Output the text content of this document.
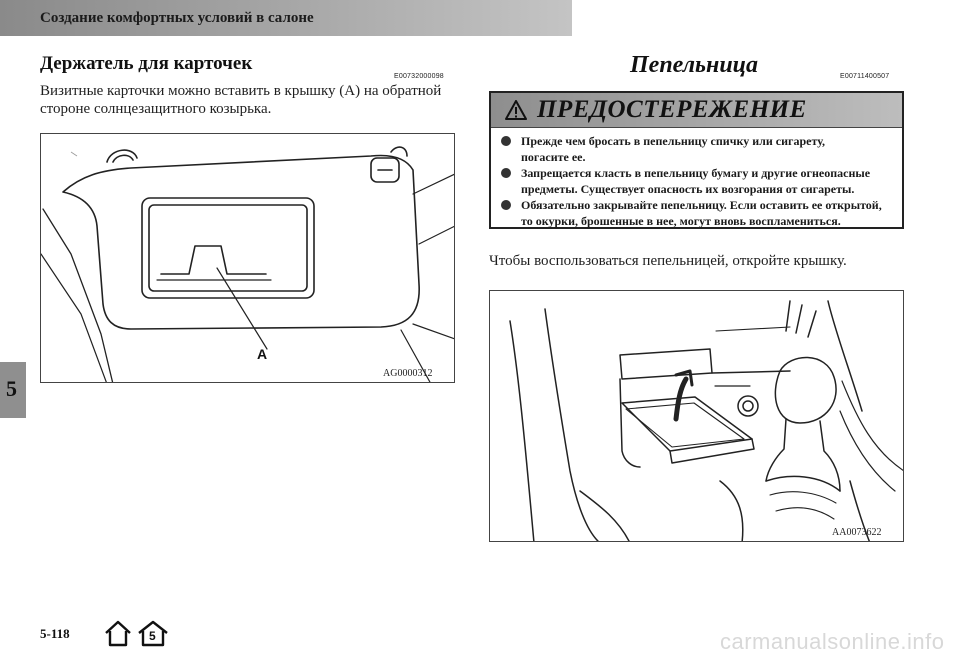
Создание комфортных условий в салоне
5
Держатель для карточек
E00732000098
Визитные карточки можно вставить в крышку (A) на обратной
стороне солнцезащитного козырька.
A
AG0000312
Пепельница	E00711400507
ПРЕДОСТЕРЕЖЕНИЕ
Прежде чем бросать в пепельницу спичку или сигарету,
погасите ее.
Запрещается класть в пепельницу бумагу и другие огнеопасные
предметы. Существует опасность их возгорания от сигареты.
Обязательно закрывайте пепельницу. Если оставить ее открытой,
то окурки, брошенные в нее, могут вновь воспламениться.
Чтобы воспользоваться пепельницей, откройте крышку.
AA0073622
5-118	5	carmanualsonline.info
